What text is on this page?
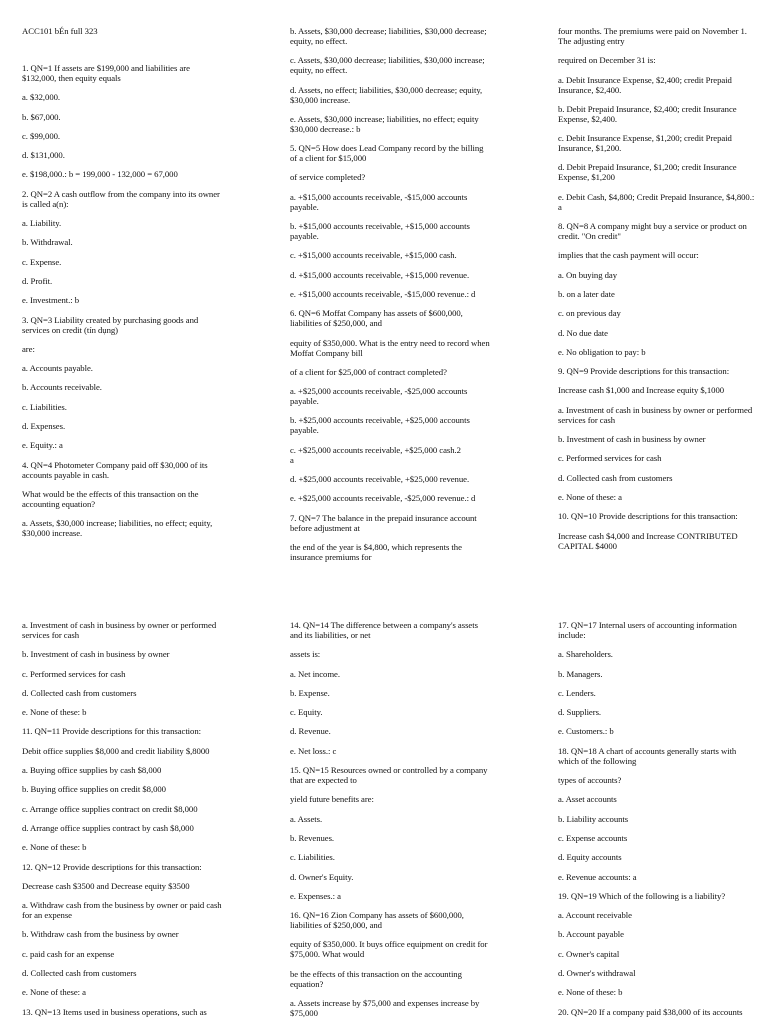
ACC101 bÉn full 323

1. QN=1 If assets are $199,000 and liabilities are $132,000, then equity equals

a. $32,000.

b. $67,000.

c. $99,000.

d. $131,000.

e. $198,000.: b = 199,000 - 132,000 = 67,000

2. QN=2 A cash outflow from the company into its owner is called a(n):

a. Liability.

b. Withdrawal.

c. Expense.

d. Profit.

e. Investment.: b

3. QN=3 Liability created by purchasing goods and services on credit (tín dụng)

are:

a. Accounts payable.

b. Accounts receivable.

c. Liabilities.

d. Expenses.

e. Equity.: a

4. QN=4 Photometer Company paid off $30,000 of its accounts payable in cash.

What would be the effects of this transaction on the accounting equation?

a. Assets, $30,000 increase; liabilities, no effect; equity, $30,000 increase.

b. Assets, $30,000 decrease; liabilities, $30,000 decrease; equity, no effect.

c. Assets, $30,000 decrease; liabilities, $30,000 increase; equity, no effect.

d. Assets, no effect; liabilities, $30,000 decrease; equity, $30,000 increase.

e. Assets, $30,000 increase; liabilities, no effect; equity $30,000 decrease.: b

5. QN=5 How does Lead Company record by the billing of a client for $15,000

of service completed?

a. +$15,000 accounts receivable, -$15,000 accounts payable.

b. +$15,000 accounts receivable, +$15,000 accounts payable.

c. +$15,000 accounts receivable, +$15,000 cash.

d. +$15,000 accounts receivable, +$15,000 revenue.

e. +$15,000 accounts receivable, -$15,000 revenue.: d

6. QN=6 Moffat Company has assets of $600,000, liabilities of $250,000, and

equity of $350,000. What is the entry need to record when Moffat Company bill

of a client for $25,000 of contract completed?

a. +$25,000 accounts receivable, -$25,000 accounts payable.

b. +$25,000 accounts receivable, +$25,000 accounts payable.

c. +$25,000 accounts receivable, +$25,000 cash.2
a

d. +$25,000 accounts receivable, +$25,000 revenue.

e. +$25,000 accounts receivable, -$25,000 revenue.: d

7. QN=7 The balance in the prepaid insurance account before adjustment at

the end of the year is $4,800, which represents the insurance premiums for

four months. The premiums were paid on November 1. The adjusting entry

required on December 31 is:

a. Debit Insurance Expense, $2,400; credit Prepaid Insurance, $2,400.

b. Debit Prepaid Insurance, $2,400; credit Insurance Expense, $2,400.

c. Debit Insurance Expense, $1,200; credit Prepaid Insurance, $1,200.

d. Debit Prepaid Insurance, $1,200; credit Insurance Expense, $1,200

e. Debit Cash, $4,800; Credit Prepaid Insurance, $4,800.: a

8. QN=8 A company might buy a service or product on credit. "On credit"

implies that the cash payment will occur:

a. On buying day

b. on a later date

c. on previous day

d. No due date

e. No obligation to pay: b

9. QN=9 Provide descriptions for this transaction:

Increase cash $1,000 and Increase equity $,1000

a. Investment of cash in business by owner or performed services for cash

b. Investment of cash in business by owner

c. Performed services for cash

d. Collected cash from customers

e. None of these: a

10. QN=10 Provide descriptions for this transaction:

Increase cash $4,000 and Increase CONTRIBUTED CAPITAL $4000

a. Investment of cash in business by owner or performed services for cash

b. Investment of cash in business by owner

c. Performed services for cash

d. Collected cash from customers

e. None of these: b

11. QN=11 Provide descriptions for this transaction:

Debit office supplies $8,000 and credit liability $,8000

a. Buying office supplies by cash $8,000

b. Buying office supplies on credit $8,000

c. Arrange office supplies contract on credit $8,000

d. Arrange office supplies contract by cash $8,000

e. None of these: b

12. QN=12 Provide descriptions for this transaction:

Decrease cash $3500 and Decrease equity $3500

a. Withdraw cash from the business by owner or paid cash for an expense

b. Withdraw cash from the business by owner

c. paid cash for an expense

d. Collected cash from customers

e. None of these: a

13. QN=13 Items used in business operations, such as

14. QN=14 The difference between a company's assets and its liabilities, or net

assets is:

a. Net income.

b. Expense.

c. Equity.

d. Revenue.

e. Net loss.: c

15. QN=15 Resources owned or controlled by a company that are expected to

yield future benefits are:

a. Assets.

b. Revenues.

c. Liabilities.

d. Owner's Equity.

e. Expenses.: a

16. QN=16 Zion Company has assets of $600,000, liabilities of $250,000, and

equity of $350,000. It buys office equipment on credit for $75,000. What would

be the effects of this transaction on the accounting equation?

a. Assets increase by $75,000 and expenses increase by $75,000

17. QN=17 Internal users of accounting information include:

a. Shareholders.

b. Managers.

c. Lenders.

d. Suppliers.

e. Customers.: b

18. QN=18 A chart of accounts generally starts with which of the following

types of accounts?

a. Asset accounts

b. Liability accounts

c. Expense accounts

d. Equity accounts

e. Revenue accounts: a

19. QN=19 Which of the following is a liability?

a. Account receivable

b. Account payable

c. Owner's capital

d. Owner's withdrawal

e. None of these: b

20. QN=20 If a company paid $38,000 of its accounts
